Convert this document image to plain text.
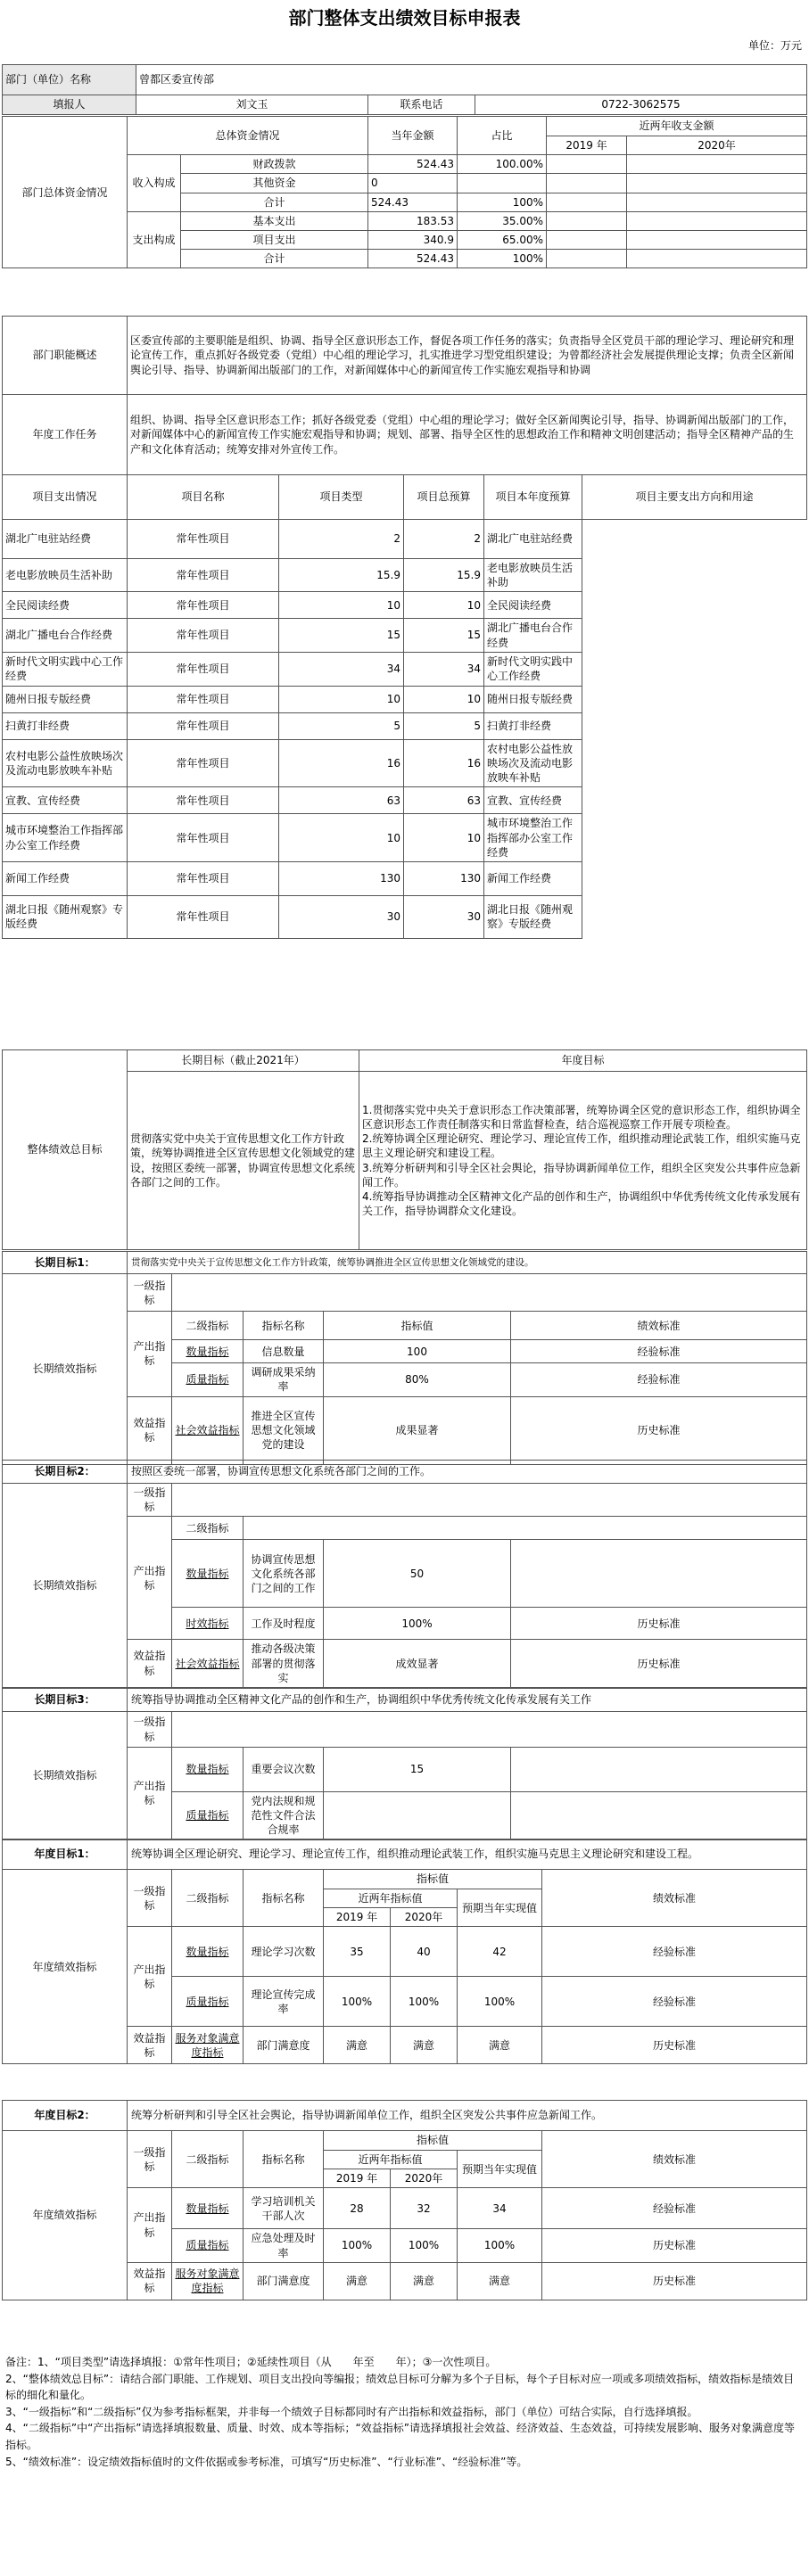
部门整体支出绩效目标申报表
单位：万元
部门（单位）名称	曾都区委宣传部		
填报人	刘文玉	联系电话	0722-3062575
部门总体资金情况	总体资金情况		当年金额	占比	近两年收支金额	
					2019 年	2020年
	收入构成	财政拨款	524.43	100.00%		
		其他资金	0			
		合计	524.43	100%		
	支出构成	基本支出	183.53	35.00%		
		项目支出	340.9	65.00%		
		合计	524.43	100%		
部门职能概述	区委宣传部的主要职能是组织、协调、指导全区意识形态工作，督促各项工作任务的落实；负责指导全区党员干部的理论学习、理论研究和理论宣传工作，重点抓好各级党委（党组）中心组的理论学习，扎实推进学习型党组织建设；为曾都经济社会发展提供理论支撑；负责全区新闻舆论引导、指导、协调新闻出版部门的工作，对新闻媒体中心的新闻宣传工作实施宏观指导和协调
年度工作任务	组织、协调、指导全区意识形态工作；抓好各级党委（党组）中心组的理论学习；做好全区新闻舆论引导，指导、协调新闻出版部门的工作，对新闻媒体中心的新闻宣传工作实施宏观指导和协调；规划、部署、指导全区性的思想政治工作和精神文明创建活动；指导全区精神产品的生产和文化体育活动；统筹安排对外宣传工作。
项目支出情况	项目名称	项目类型	项目总预算	项目本年度预算	项目主要支出方向和用途
湖北广电驻站经费	常年性项目	2	2	湖北广电驻站经费	
老电影放映员生活补助	常年性项目	15.9	15.9	老电影放映员生活补助	
全民阅读经费	常年性项目	10	10	全民阅读经费	
湖北广播电台合作经费	常年性项目	15	15	湖北广播电台合作经费	
新时代文明实践中心工作经费	常年性项目	34	34	新时代文明实践中心工作经费	
随州日报专版经费	常年性项目	10	10	随州日报专版经费	
扫黄打非经费	常年性项目	5	5	扫黄打非经费	
农村电影公益性放映场次及流动电影放映车补贴	常年性项目	16	16	农村电影公益性放映场次及流动电影放映车补贴	
宣教、宣传经费	常年性项目	63	63	宣教、宣传经费	
城市环境整治工作指挥部办公室工作经费	常年性项目	10	10	城市环境整治工作指挥部办公室工作经费	
新闻工作经费	常年性项目	130	130	新闻工作经费	
湖北日报《随州观察》专版经费	常年性项目	30	30	湖北日报《随州观察》专版经费	
整体绩效总目标	长期目标（截止2021年）	年度目标
	贯彻落实党中央关于宣传思想文化工作方针政策，统筹协调推进全区宣传思想文化领域党的建设，按照区委统一部署，协调宣传思想文化系统各部门之间的工作。	1.贯彻落实党中央关于意识形态工作决策部署，统筹协调全区党的意识形态工作，组织协调全区意识形态工作责任制落实和日常监督检查，结合巡视巡察工作开展专项检查。
2.统筹协调全区理论研究、理论学习、理论宣传工作，组织推动理论武装工作，组织实施马克思主义理论研究和建设工程。
3.统筹分析研判和引导全区社会舆论，指导协调新闻单位工作，组织全区突发公共事件应急新闻工作。
4.统筹指导协调推动全区精神文化产品的创作和生产，协调组织中华优秀传统文化传承发展有关工作，指导协调群众文化建设。
长期目标1：	贯彻落实党中央关于宣传思想文化工作方针政策，统筹协调推进全区宣传思想文化领域党的建设。				
长期绩效指标	一级指标				
	产出指标	二级指标	指标名称	指标值	绩效标准
		数量指标	信息数量	100	经验标准
		质量指标	调研成果采纳率	80%	经验标准
	效益指标	社会效益指标	推进全区宣传思想文化领域党的建设	成果显著	历史标准
长期目标2：	按照区委统一部署，协调宣传思想文化系统各部门之间的工作。				
长期绩效指标	一级指标				
	产出指标	二级指标			
		数量指标	协调宣传思想文化系统各部门之间的工作	50	
		时效指标	工作及时程度	100%	历史标准
	效益指标	社会效益指标	推动各级决策部署的贯彻落实	成效显著	历史标准
长期目标3：	统筹指导协调推动全区精神文化产品的创作和生产，协调组织中华优秀传统文化传承发展有关工作				
长期绩效指标	一级指标				
	产出指标	数量指标	重要会议次数	15	
		质量指标	党内法规和规范性文件合法合规率		
年度目标1：	统筹协调全区理论研究、理论学习、理论宣传工作，组织推动理论武装工作，组织实施马克思主义理论研究和建设工程。						
年度绩效指标	一级指标	二级指标	指标名称	指标值			绩效标准
				近两年指标值		预期当年实现值	
				2019 年	2020年		
	产出指标	数量指标	理论学习次数	35	40	42	经验标准
		质量指标	理论宣传完成率	100%	100%	100%	经验标准
	效益指标	服务对象满意度指标	部门满意度	满意	满意	满意	历史标准
年度目标2：	统筹分析研判和引导全区社会舆论，指导协调新闻单位工作，组织全区突发公共事件应急新闻工作。						
年度绩效指标	一级指标	二级指标	指标名称	指标值			绩效标准
				近两年指标值		预期当年实现值	
				2019 年	2020年		
	产出指标	数量指标	学习培训机关干部人次	28	32	34	经验标准
		质量指标	应急处理及时率	100%	100%	100%	历史标准
	效益指标	服务对象满意度指标	部门满意度	满意	满意	满意	历史标准
备注：1、“项目类型”请选择填报：①常年性项目；②延续性项目（从　　年至　　年）；③一次性项目。
2、“整体绩效总目标”：请结合部门职能、工作规划、项目支出投向等编报；绩效总目标可分解为多个子目标，每个子目标对应一项或多项绩效指标，绩效指标是绩效目标的细化和量化。
3、“一级指标”和“二级指标”仅为参考指标框架，并非每一个绩效子目标都同时有产出指标和效益指标，部门（单位）可结合实际，自行选择填报。
4、“二级指标”中“产出指标”请选择填报数量、质量、时效、成本等指标；“效益指标”请选择填报社会效益、经济效益、生态效益，可持续发展影响、服务对象满意度等指标。
5、“绩效标准”：设定绩效指标值时的文件依据或参考标准，可填写“历史标准”、“行业标准”、“经验标准”等。
